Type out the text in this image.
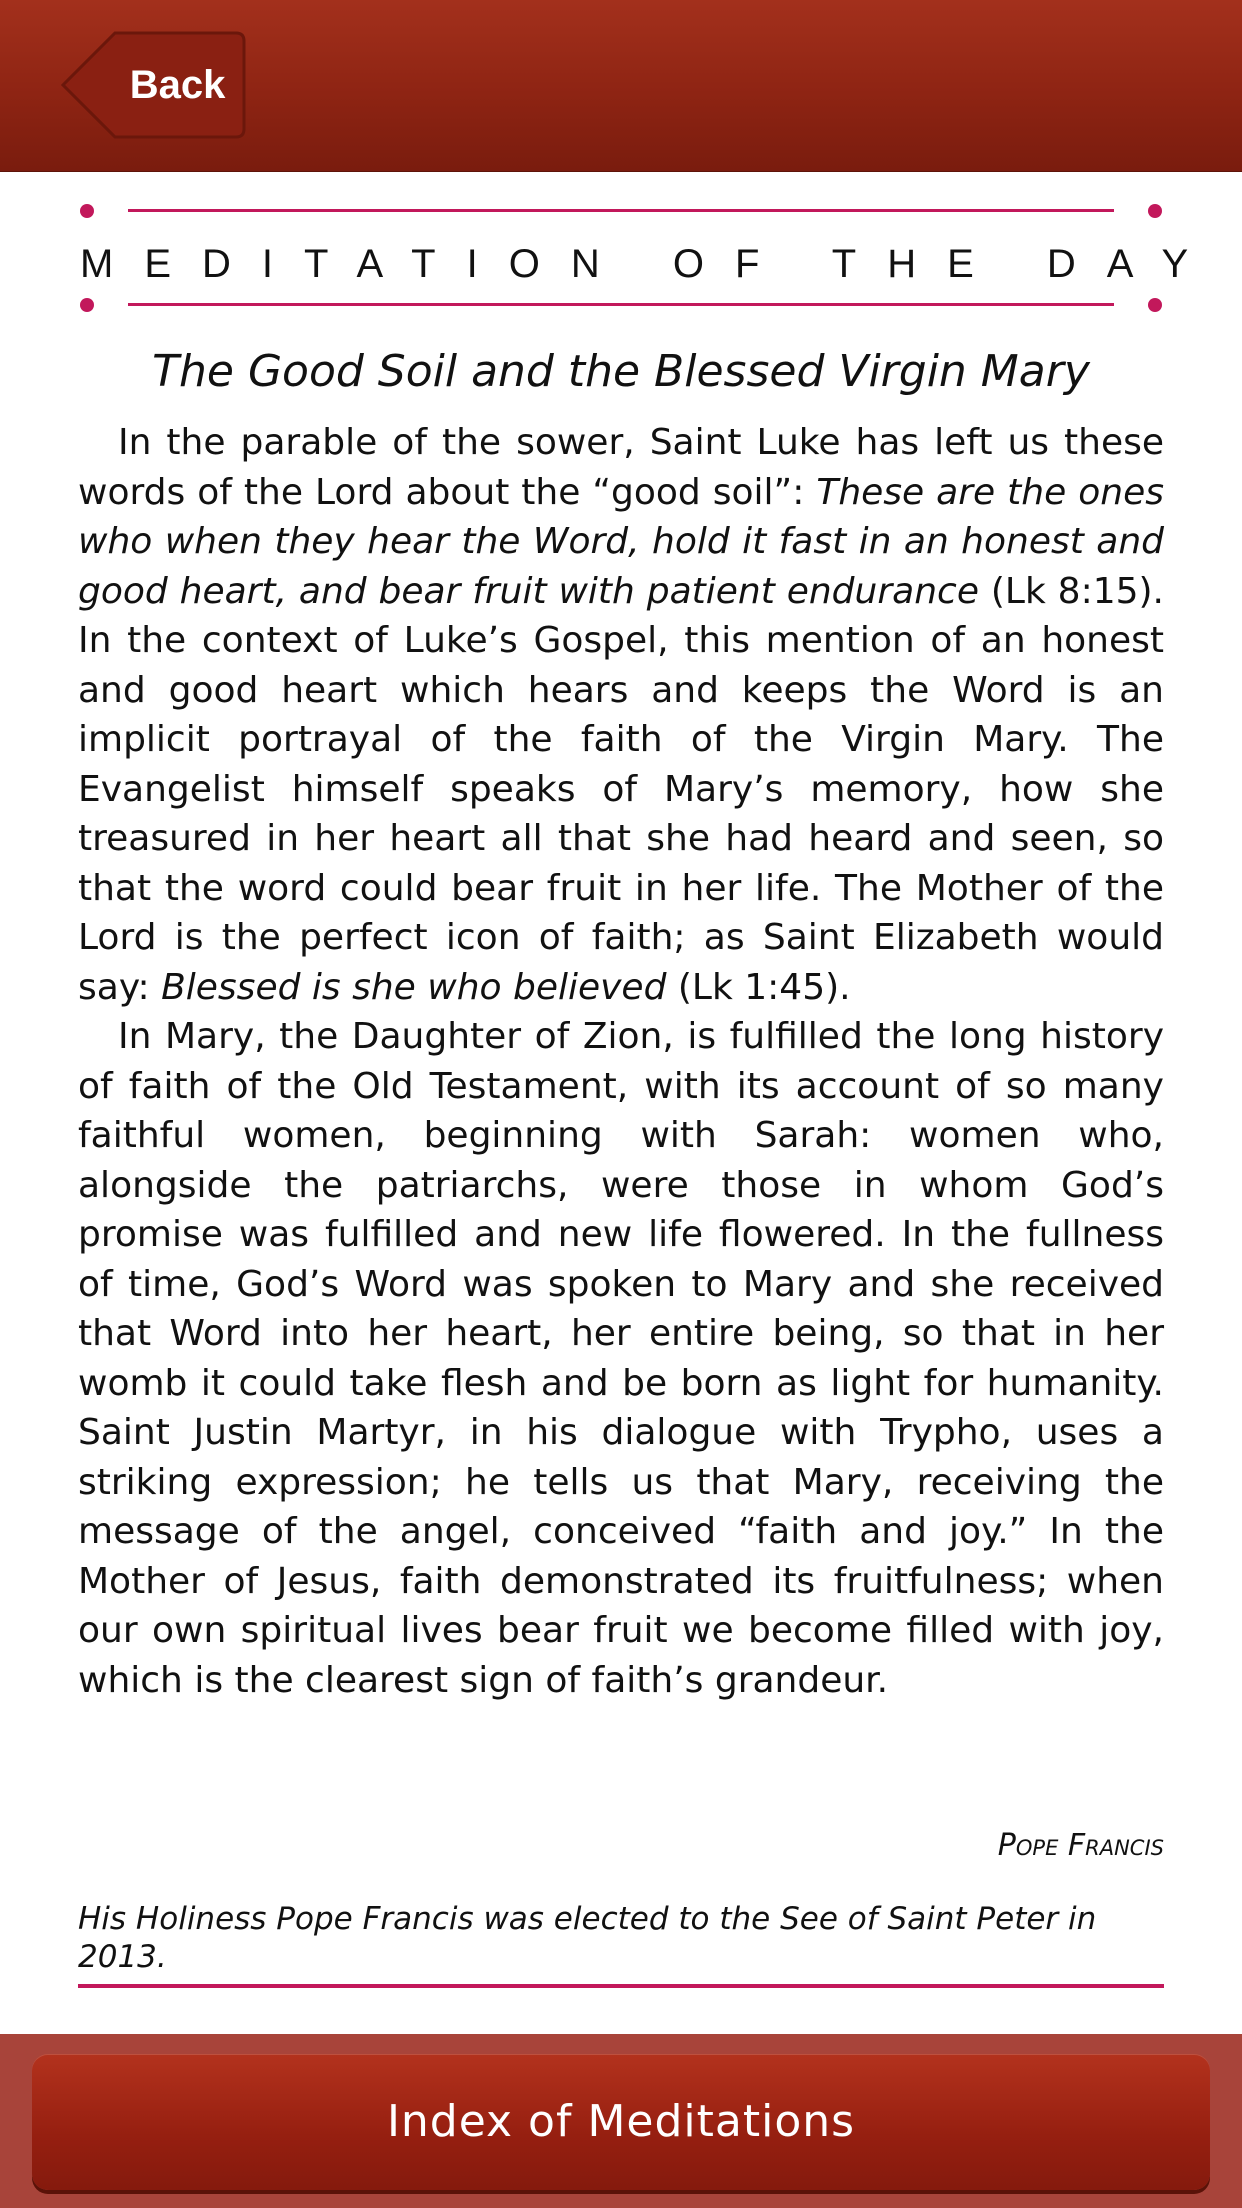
Back M
AGNIFICAT ®
MEDITATION OF THE DAY
The Good Soil and the Blessed Virgin Mary

In the parable of the sower, Saint Luke has left us these words of the Lord about the “good soil”: These are the ones who when they hear the Word, hold it fast in an honest and good heart, and bear fruit with patient endurance (Lk 8:15). In the context of Luke’s Gospel, this mention of an honest and good heart which hears and keeps the Word is an implicit portrayal of the faith of the Virgin Mary. The Evangelist himself speaks of Mary’s memory, how she treasured in her heart all that she had heard and seen, so that the word could bear fruit in her life. The Mother of the Lord is the perfect icon of faith; as Saint Elizabeth would say: Blessed is she who believed (Lk 1:45).

In Mary, the Daughter of Zion, is fulfilled the long history of faith of the Old Testament, with its account of so many faithful women, beginning with Sarah: women who, alongside the patriarchs, were those in whom God’s promise was fulfilled and new life flowered. In the fullness of time, God’s Word was spoken to Mary and she received that Word into her heart, her entire being, so that in her womb it could take flesh and be born as light for humanity. Saint Justin Martyr, in his dialogue with Trypho, uses a striking expression; he tells us that Mary, receiving the message of the angel, conceived “faith and joy.” In the Mother of Jesus, faith demonstrated its fruitfulness; when our own spiritual lives bear fruit we become filled with joy, which is the clearest sign of faith’s grandeur.

Pope Francis
His Holiness Pope Francis was elected to the See of Saint Peter in 2013.
Index of Meditations
